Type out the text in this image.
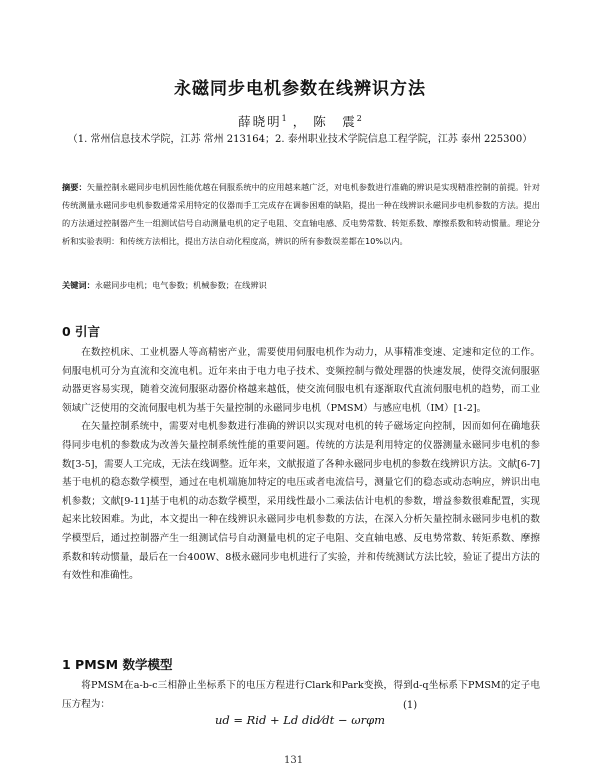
永磁同步电机参数在线辨识方法
薛晓明$^1$ ， 陈　震$^2$
（1. 常州信息技术学院，江苏 常州 213164；2. 泰州职业技术学院信息工程学院，江苏 泰州 225300）
摘要：矢量控制永磁同步电机因性能优越在伺服系统中的应用越来越广泛，对电机参数进行准确的辨识是实现精准控制的前提。针对传统测量永磁同步电机参数通常采用特定的仪器而手工完成存在调参困难的缺陷，提出一种在线辨识永磁同步电机参数的方法。提出的方法通过控制器产生一组测试信号自动测量电机的定子电阻、交直轴电感、反电势常数、转矩系数、摩擦系数和转动惯量。理论分析和实验表明：和传统方法相比，提出方法自动化程度高，辨识的所有参数误差都在10%以内。
关键词：永磁同步电机；电气参数；机械参数；在线辨识
0 引言

在数控机床、工业机器人等高精密产业，需要使用伺服电机作为动力，从事精准变速、定速和定位的工作。伺服电机可分为直流和交流电机。近年来由于电力电子技术、变频控制与微处理器的快速发展，使得交流伺服驱动器更容易实现，随着交流伺服驱动器价格越来越低，使交流伺服电机有逐渐取代直流伺服电机的趋势，而工业领域广泛使用的交流伺服电机为基于矢量控制的永磁同步电机（PMSM）与感应电机（IM）[1-2]。

在矢量控制系统中，需要对电机参数进行准确的辨识以实现对电机的转子磁场定向控制，因而如何在确地获得同步电机的参数成为改善矢量控制系统性能的重要问题。传统的方法是利用特定的仪器测量永磁同步电机的参数[3-5]，需要人工完成，无法在线调整。近年来，文献报道了各种永磁同步电机的参数在线辨识方法。文献[6-7]基于电机的稳态数学模型，通过在电机端施加特定的电压或者电流信号，测量它们的稳态或动态响应，辨识出电机参数；文献[9-11]基于电机的动态数学模型，采用线性最小二乘法估计电机的参数，增益参数很难配置，实现起来比较困难。为此，本文提出一种在线辨识永磁同步电机参数的方法，在深入分析矢量控制永磁同步电机的数学模型后，通过控制器产生一组测试信号自动测量电机的定子电阻、交直轴电感、反电势常数、转矩系数、摩擦系数和转动惯量，最后在一台400W、8极永磁同步电机进行了实验，并和传统测试方法比较，验证了提出方法的有效性和准确性。

1 PMSM 数学模型

将PMSM在a-b-c三相静止坐标系下的电压方程进行Clark和Park变换，得到d-q坐标系下PMSM的定子电压方程为：

ud = Rid + Ld did⁄dt − ωrφm
(1)
131
